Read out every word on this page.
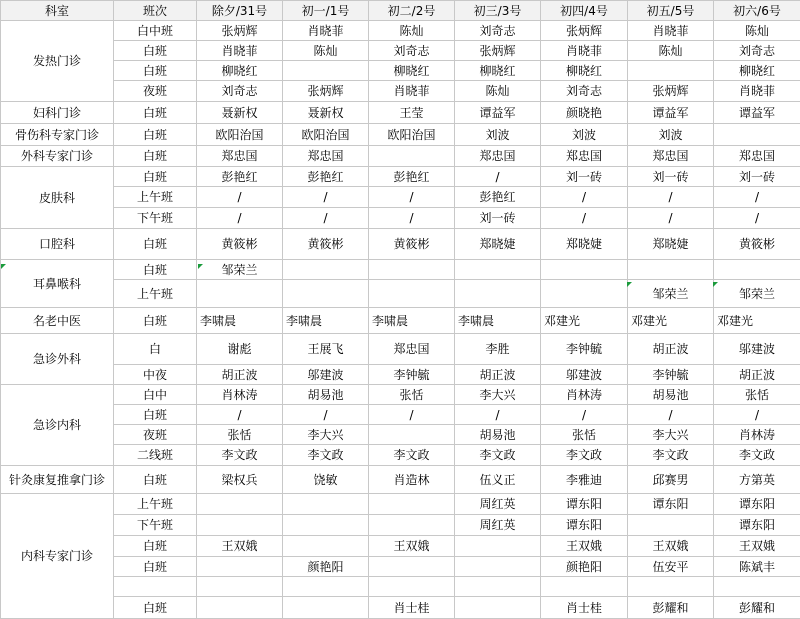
科室	班次	除夕/31号	初一/1号	初二/2号	初三/3号	初四/4号	初五/5号	初六/6号
发热门诊	白中班	张炳辉	肖晓菲	陈灿	刘奇志	张炳辉	肖晓菲	陈灿
	白班	肖晓菲	陈灿	刘奇志	张炳辉	肖晓菲	陈灿	刘奇志
	白班	柳晓红		柳晓红	柳晓红	柳晓红		柳晓红
	夜班	刘奇志	张炳辉	肖晓菲	陈灿	刘奇志	张炳辉	肖晓菲
妇科门诊	白班	聂新权	聂新权	王莹	谭益军	颜晓艳	谭益军	谭益军
骨伤科专家门诊	白班	欧阳治国	欧阳治国	欧阳治国	刘波	刘波	刘波	
外科专家门诊	白班	郑忠国	郑忠国		郑忠国	郑忠国	郑忠国	郑忠国
皮肤科	白班	彭艳红	彭艳红	彭艳红	/	刘一砖	刘一砖	刘一砖
	上午班	/	/	/	彭艳红	/	/	/
	下午班	/	/	/	刘一砖	/	/	/
口腔科	白班	黄筱彬	黄筱彬	黄筱彬	郑晓婕	郑晓婕	郑晓婕	黄筱彬
耳鼻喉科	白班	邹荣兰						
	上午班						邹荣兰	邹荣兰
名老中医	白班	李啸晨	李啸晨	李啸晨	李啸晨	邓建光	邓建光	邓建光
急诊外科	白	谢彪	王展飞	郑忠国	李胜	李钟毓	胡正波	邬建波
	中夜	胡正波	邬建波	李钟毓	胡正波	邬建波	李钟毓	胡正波
急诊内科	白中	肖林涛	胡易池	张恬	李大兴	肖林涛	胡易池	张恬
	白班	/	/	/	/	/	/	/
	夜班	张恬	李大兴		胡易池	张恬	李大兴	肖林涛
	二线班	李文政	李文政	李文政	李文政	李文政	李文政	李文政
针灸康复推拿门诊	白班	梁权兵	饶敏	肖造林	伍义正	李雅迪	邱赛男	方第英
内科专家门诊	上午班				周红英	谭东阳	谭东阳	谭东阳
	下午班				周红英	谭东阳		谭东阳
	白班	王双娥		王双娥		王双娥	王双娥	王双娥
	白班		颜艳阳			颜艳阳	伍安平	陈斌丰

	白班			肖士桂		肖士桂	彭耀和	彭耀和
